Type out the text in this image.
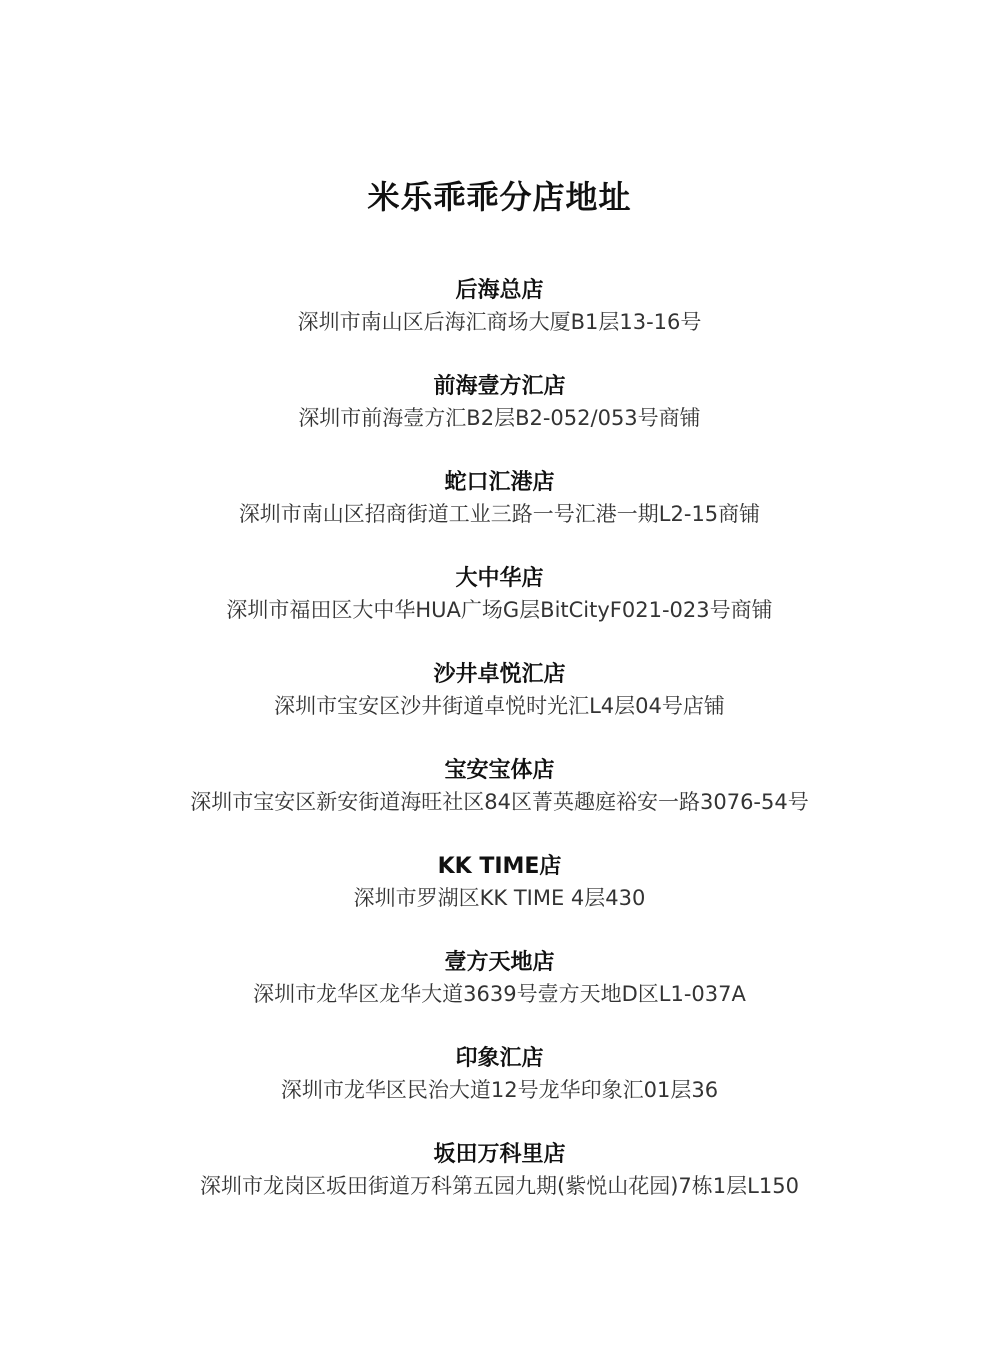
米乐乖乖分店地址
后海总店
深圳市南山区后海汇商场大厦B1层13-16号
前海壹方汇店
深圳市前海壹方汇B2层B2-052/053号商铺
蛇口汇港店
深圳市南山区招商街道工业三路一号汇港一期L2-15商铺
大中华店
深圳市福田区大中华HUA广场G层BitCityF021-023号商铺
沙井卓悦汇店
深圳市宝安区沙井街道卓悦时光汇L4层04号店铺
宝安宝体店
深圳市宝安区新安街道海旺社区84区菁英趣庭裕安一路3076-54号
KK TIME店
深圳市罗湖区KK TIME 4层430
壹方天地店
深圳市龙华区龙华大道3639号壹方天地D区L1-037A
印象汇店
深圳市龙华区民治大道12号龙华印象汇01层36
坂田万科里店
深圳市龙岗区坂田街道万科第五园九期(紫悦山花园)7栋1层L150
